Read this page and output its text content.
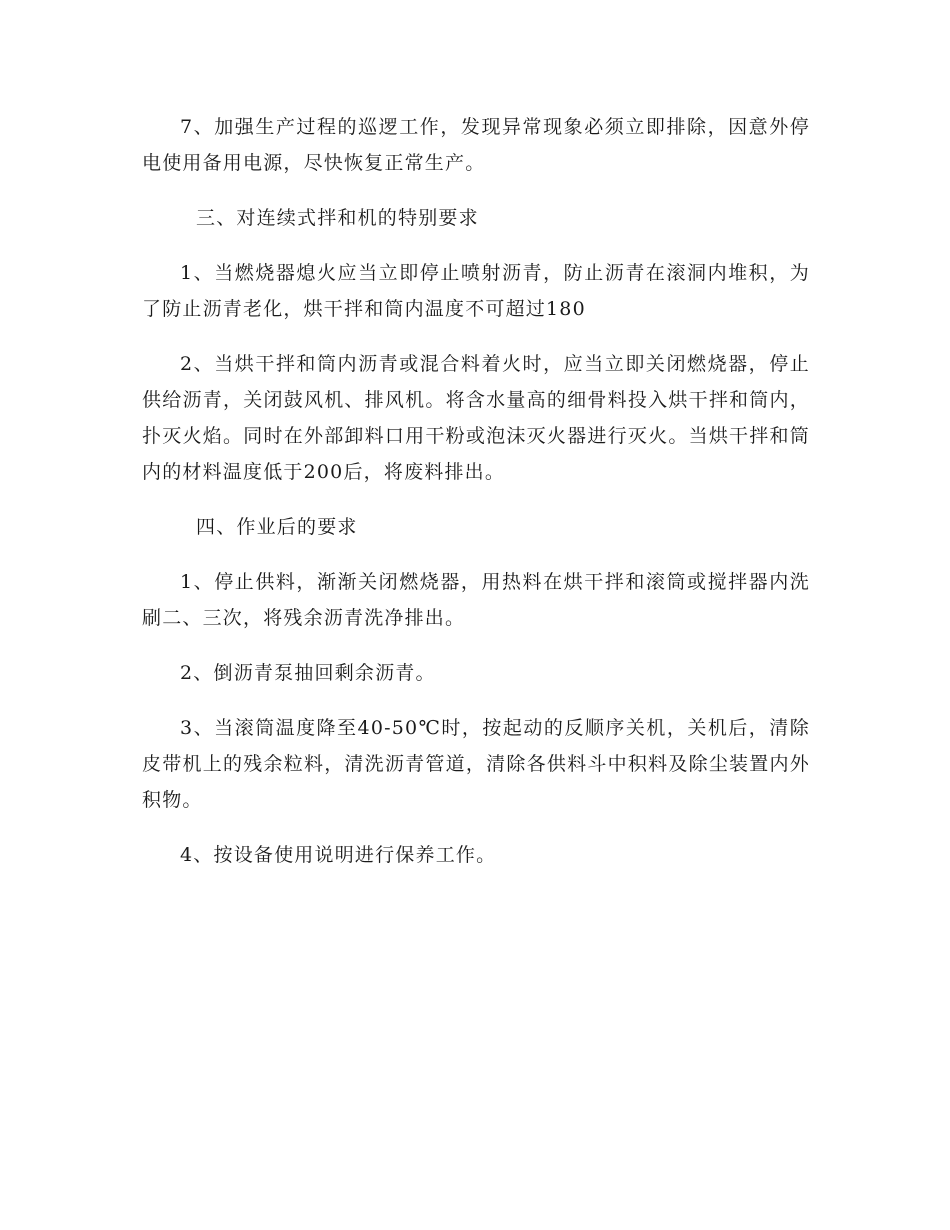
7、加强生产过程的巡逻工作，发现异常现象必须立即排除，因意外停电使用备用电源，尽快恢复正常生产。

三、对连续式拌和机的特别要求

1、当燃烧器熄火应当立即停止喷射沥青，防止沥青在滚洞内堆积，为了防止沥青老化，烘干拌和筒内温度不可超过180

2、当烘干拌和筒内沥青或混合料着火时，应当立即关闭燃烧器，停止供给沥青，关闭鼓风机、排风机。将含水量高的细骨料投入烘干拌和筒内，扑灭火焰。同时在外部卸料口用干粉或泡沫灭火器进行灭火。当烘干拌和筒内的材料温度低于200后，将废料排出。

四、作业后的要求

1、停止供料，渐渐关闭燃烧器，用热料在烘干拌和滚筒或搅拌器内洗刷二、三次，将残余沥青洗净排出。

2、倒沥青泵抽回剩余沥青。

3、当滚筒温度降至40-50℃时，按起动的反顺序关机，关机后，清除皮带机上的残余粒料，清洗沥青管道，清除各供料斗中积料及除尘装置内外积物。

4、按设备使用说明进行保养工作。
